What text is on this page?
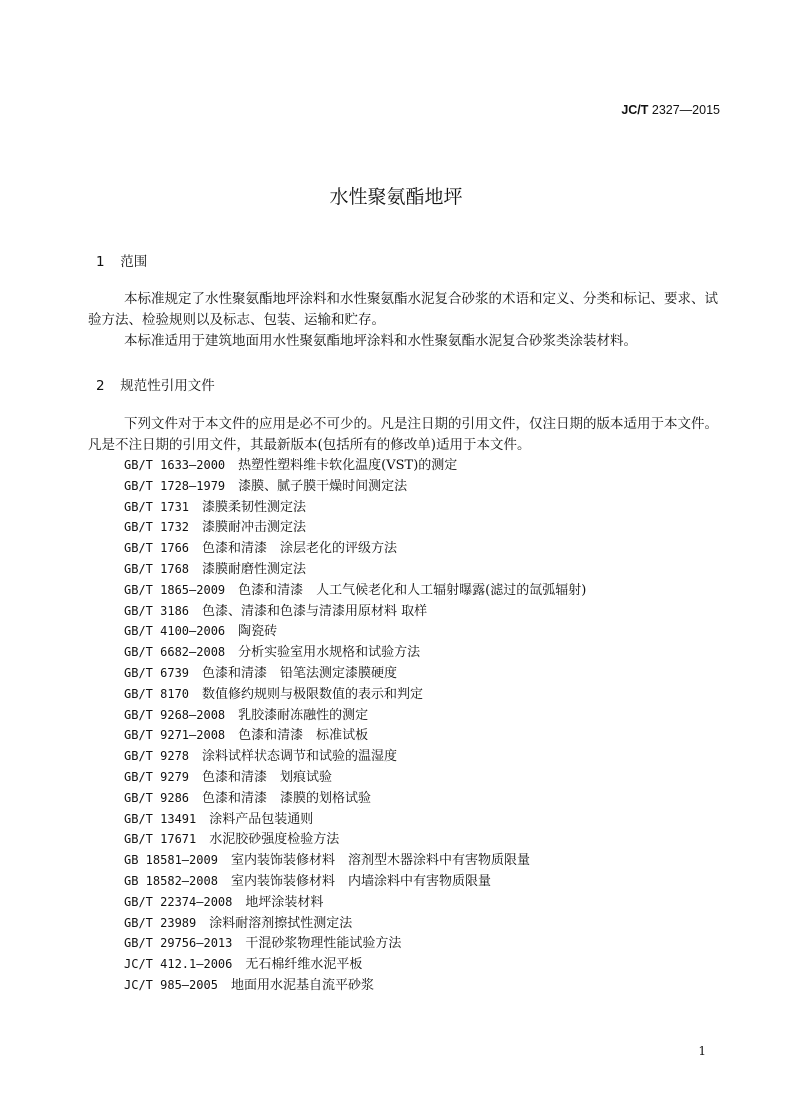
JC/T 2327—2015
水性聚氨酯地坪
1 范围
本标准规定了水性聚氨酯地坪涂料和水性聚氨酯水泥复合砂浆的术语和定义、分类和标记、要求、试验方法、检验规则以及标志、包装、运输和贮存。
本标准适用于建筑地面用水性聚氨酯地坪涂料和水性聚氨酯水泥复合砂浆类涂装材料。
2 规范性引用文件
下列文件对于本文件的应用是必不可少的。凡是注日期的引用文件，仅注日期的版本适用于本文件。凡是不注日期的引用文件，其最新版本(包括所有的修改单)适用于本文件。
GB/T 1633—2000　 热塑性塑料维卡软化温度(VST)的测定
GB/T 1728—1979　 漆膜、腻子膜干燥时间测定法
GB/T 1731　 漆膜柔韧性测定法
GB/T 1732　 漆膜耐冲击测定法
GB/T 1766　 色漆和清漆　涂层老化的评级方法
GB/T 1768　 漆膜耐磨性测定法
GB/T 1865—2009　 色漆和清漆　人工气候老化和人工辐射曝露(滤过的氙弧辐射)
GB/T 3186　 色漆、清漆和色漆与清漆用原材料 取样
GB/T 4100—2006　 陶瓷砖
GB/T 6682—2008　 分析实验室用水规格和试验方法
GB/T 6739　 色漆和清漆　铅笔法测定漆膜硬度
GB/T 8170　 数值修约规则与极限数值的表示和判定
GB/T 9268—2008　 乳胶漆耐冻融性的测定
GB/T 9271—2008　 色漆和清漆　标准试板
GB/T 9278　 涂料试样状态调节和试验的温湿度
GB/T 9279　 色漆和清漆　划痕试验
GB/T 9286　 色漆和清漆　漆膜的划格试验
GB/T 13491　 涂料产品包装通则
GB/T 17671　 水泥胶砂强度检验方法
GB 18581—2009　 室内装饰装修材料　溶剂型木器涂料中有害物质限量
GB 18582—2008　 室内装饰装修材料　内墙涂料中有害物质限量
GB/T 22374—2008　 地坪涂装材料
GB/T 23989　 涂料耐溶剂擦拭性测定法
GB/T 29756—2013　 干混砂浆物理性能试验方法
JC/T 412.1—2006　 无石棉纤维水泥平板
JC/T 985—2005　 地面用水泥基自流平砂浆
1
